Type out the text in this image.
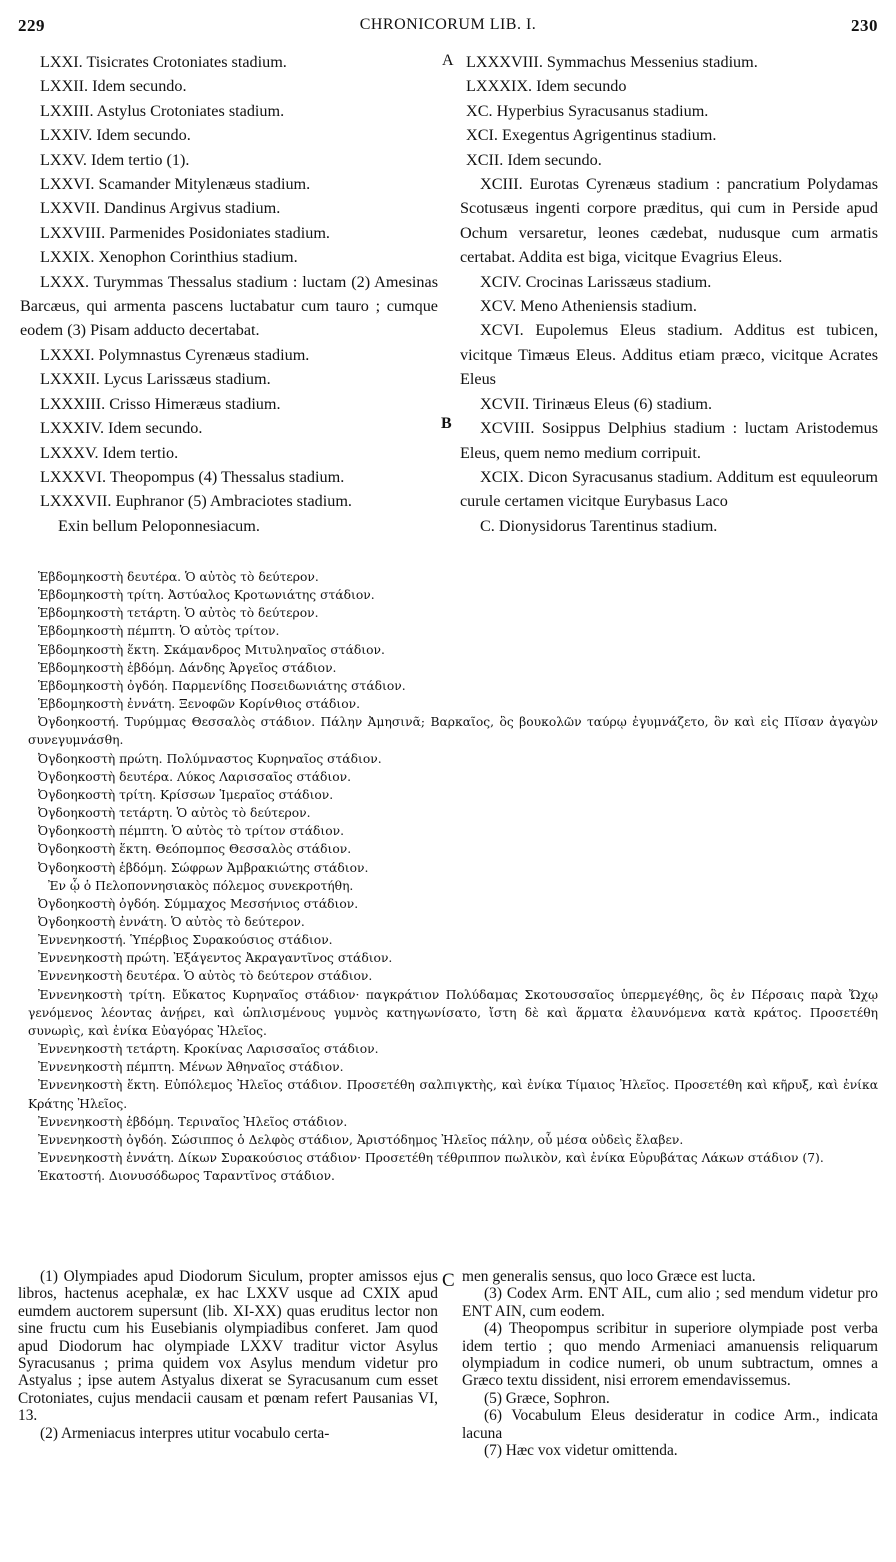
229	CHRONICORUM LIB. I.	230
A
B
C
LXXI. Tisicrates Crotoniates stadium.
LXXII. Idem secundo.
LXXIII. Astylus Crotoniates stadium.
LXXIV. Idem secundo.
LXXV. Idem tertio (1).
LXXVI. Scamander Mitylenæus stadium.
LXXVII. Dandinus Argivus stadium.
LXXVIII. Parmenides Posidoniates stadium.
LXXIX. Xenophon Corinthius stadium.

LXXX. Turymmas Thessalus stadium : luctam (2) Amesinas Barcæus, qui armenta pascens luctabatur cum tauro ; cumque eodem (3) Pisam adducto decertabat.

LXXXI. Polymnastus Cyrenæus stadium.
LXXXII. Lycus Larissæus stadium.
LXXXIII. Crisso Himeræus stadium.
LXXXIV. Idem secundo.
LXXXV. Idem tertio.
LXXXVI. Theopompus (4) Thessalus stadium.
LXXXVII. Euphranor (5) Ambraciotes stadium.
Exin bellum Peloponnesiacum.
LXXXVIII. Symmachus Messenius stadium.
LXXXIX. Idem secundo
XC. Hyperbius Syracusanus stadium.
XCI. Exegentus Agrigentinus stadium.
XCII. Idem secundo.

XCIII. Eurotas Cyrenæus stadium : pancratium Polydamas Scotusæus ingenti corpore præditus, qui cum in Perside apud Ochum versaretur, leones cædebat, nudusque cum armatis certabat. Addita est biga, vicitque Evagrius Eleus.

XCIV. Crocinas Larissæus stadium.

XCV. Meno Atheniensis stadium.

XCVI. Eupolemus Eleus stadium. Additus est tubicen, vicitque Timæus Eleus. Additus etiam præco, vicitque Acrates Eleus

XCVII. Tirinæus Eleus (6) stadium.

XCVIII. Sosippus Delphius stadium : luctam Aristodemus Eleus, quem nemo medium corripuit.

XCIX. Dicon Syracusanus stadium. Additum est equuleorum curule certamen vicitque Eurybasus Laco

C. Dionysidorus Tarentinus stadium.

Ἑβδομηκοστὴ δευτέρα. Ὁ αὐτὸς τὸ δεύτερον.
Ἑβδομηκοστὴ τρίτη. Ἀστύαλος Κροτωνιάτης στάδιον.
Ἑβδομηκοστὴ τετάρτη. Ὁ αὐτὸς τὸ δεύτερον.
Ἑβδομηκοστὴ πέμπτη. Ὁ αὐτὸς τρίτον.
Ἑβδομηκοστὴ ἕκτη. Σκάμανδρος Μιτυληναῖος στάδιον.
Ἑβδομηκοστὴ ἑβδόμη. Δάνδης Ἀργεῖος στάδιον.
Ἑβδομηκοστὴ ὀγδόη. Παρμενίδης Ποσειδωνιάτης στάδιον.
Ἑβδομηκοστὴ ἐννάτη. Ξενοφῶν Κορίνθιος στάδιον.

Ὀγδοηκοστή. Τυρύμμας Θεσσαλὸς στάδιον. Πάλην Ἀμησινᾶ; Βαρκαῖος, ὃς βουκολῶν ταύρῳ ἐγυμνάζετο, ὃν καὶ εἰς Πῖσαν ἀγαγὼν συνεγυμνάσθη.

Ὀγδοηκοστὴ πρώτη. Πολύμναστος Κυρηναῖος στάδιον.
Ὀγδοηκοστὴ δευτέρα. Λύκος Λαρισσαῖος στάδιον.
Ὀγδοηκοστὴ τρίτη. Κρίσσων Ἱμεραῖος στάδιον.
Ὀγδοηκοστὴ τετάρτη. Ὁ αὐτὸς τὸ δεύτερον.
Ὀγδοηκοστὴ πέμπτη. Ὁ αὐτὸς τὸ τρίτον στάδιον.
Ὀγδοηκοστὴ ἕκτη. Θεόπομπος Θεσσαλὸς στάδιον.
Ὀγδοηκοστὴ ἑβδόμη. Σώφρων Ἀμβρακιώτης στάδιον.
Ἐν ᾧ ὁ Πελοποννησιακὸς πόλεμος συνεκροτήθη.
Ὀγδοηκοστὴ ὀγδόη. Σύμμαχος Μεσσήνιος στάδιον.
Ὀγδοηκοστὴ ἐννάτη. Ὁ αὐτὸς τὸ δεύτερον.
Ἐννενηκοστή. Ὑπέρβιος Συρακούσιος στάδιον.
Ἐννενηκοστὴ πρώτη. Ἐξάγεντος Ἀκραγαντῖνος στάδιον.
Ἐννενηκοστὴ δευτέρα. Ὁ αὐτὸς τὸ δεύτερον στάδιον.

Ἐννενηκοστὴ τρίτη. Εὔκατος Κυρηναῖος στάδιον· παγκράτιον Πολύδαμας Σκοτουσσαῖος ὑπερμεγέθης, ὃς ἐν Πέρσαις παρὰ Ὤχῳ γενόμενος λέοντας ἀνῄρει, καὶ ὡπλισμένους γυμνὸς κατηγωνίσατο, ἴστη δὲ καὶ ἅρματα ἐλαυνόμενα κατὰ κράτος. Προσετέθη συνωρὶς, καὶ ἐνίκα Εὐαγόρας Ἠλεῖος.

Ἐννενηκοστὴ τετάρτη. Κροκίνας Λαρισσαῖος στάδιον.
Ἐννενηκοστὴ πέμπτη. Μένων Ἀθηναῖος στάδιον.

Ἐννενηκοστὴ ἕκτη. Εὐπόλεμος Ἠλεῖος στάδιον. Προσετέθη σαλπιγκτὴς, καὶ ἐνίκα Τίμαιος Ἠλεῖος. Προσετέθη καὶ κῆρυξ, καὶ ἐνίκα Κράτης Ἠλεῖος.

Ἐννενηκοστὴ ἑβδόμη. Τεριναῖος Ἠλεῖος στάδιον.
Ἐννενηκοστὴ ὀγδόη. Σώσιππος ὁ Δελφὸς στάδιον, Ἀριστόδημος Ἠλεῖος πάλην, οὗ μέσα οὐδεὶς ἔλαβεν.

Ἐννενηκοστὴ ἐννάτη. Δίκων Συρακούσιος στάδιον· Προσετέθη τέθριππον πωλικὸν, καὶ ἐνίκα Εὐρυβάτας Λάκων στάδιον (7).

Ἑκατοστή. Διονυσόδωρος Ταραντῖνος στάδιον.

(1) Olympiades apud Diodorum Siculum, propter amissos ejus libros, hactenus acephalæ, ex hac LXXV usque ad CXIX apud eumdem auctorem supersunt (lib. XI-XX) quas eruditus lector non sine fructu cum his Eusebianis olympiadibus conferet. Jam quod apud Diodorum hac olympiade LXXV traditur victor Asylus Syracusanus ; prima quidem vox Asylus mendum videtur pro Astyalus ; ipse autem Astyalus dixerat se Syracusanum cum esset Crotoniates, cujus mendacii causam et pœnam refert Pausanias VI, 13.

(2) Armeniacus interpres utitur vocabulo certa-

men generalis sensus, quo loco Græce est lucta.

(3) Codex Arm. ENT AIL, cum alio ; sed mendum videtur pro ENT AIN, cum eodem.

(4) Theopompus scribitur in superiore olympiade post verba idem tertio ; quo mendo Armeniaci amanuensis reliquarum olympiadum in codice numeri, ob unum subtractum, omnes a Græco textu dissident, nisi errorem emendavissemus.

(5) Græce, Sophron.

(6) Vocabulum Eleus desideratur in codice Arm., indicata lacuna

(7) Hæc vox videtur omittenda.
